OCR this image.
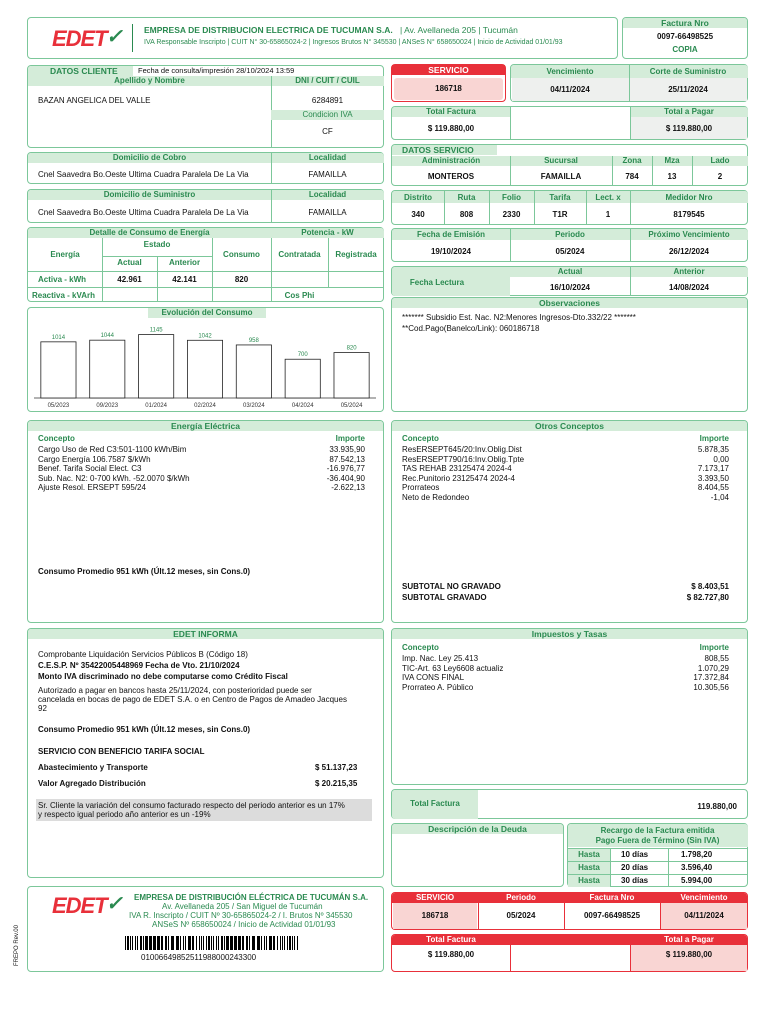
EDET ✓ EMPRESA DE DISTRIBUCION ELECTRICA DE TUCUMAN S.A. | Av. Avellaneda 205 | Tucumán
IVA Responsable Inscripto | CUIT N° 30-65865024-2 | Ingresos Brutos N° 345530 | ANSeS N° 658650024 | Inicio de Actividad 01/01/93
Factura Nro
0097-66498525
COPIA
DATOS CLIENTE	Fecha de consulta/impresión 28/10/2024 13:59
Apellido y Nombre	DNI / CUIT / CUIL
BAZAN ANGELICA DEL VALLE	6284891
Condicion IVA
CF
Domicilio de Cobro	Localidad
Cnel Saavedra Bo.Oeste Ultima Cuadra Paralela De La Via	FAMAILLA
Domicilio de Suministro	Localidad
Cnel Saavedra Bo.Oeste Ultima Cuadra Paralela De La Via	FAMAILLA
Detalle de Consumo de Energía	Potencia - kW
Energía
Estado
Actual	Anterior
Consumo	Contratada	Registrada
Activa - kWh	42.961	42.141	820
Reactiva - kVArh	Cos Phi
Evolución del Consumo
1014
05/2023
1044
09/2023
1145
01/2024
1042
02/2024
958
03/2024
700
04/2024
820
05/2024
SERVICIO
186718
Vencimiento	Corte de Suministro
04/11/2024	25/11/2024
Total Factura	Total a Pagar
$ 119.880,00	$ 119.880,00
DATOS SERVICIO
Administración	Sucursal	Zona	Mza	Lado
MONTEROS	FAMAILLA	784	13	2
Distrito	Ruta	Folio	Tarifa	Lect. x	Medidor Nro
340	808	2330	T1R	1	8179545
Fecha de Emisión	Periodo	Próximo Vencimiento
19/10/2024	05/2024	26/12/2024
Fecha Lectura
Actual	Anterior
16/10/2024	14/08/2024
Observaciones
******* Subsidio Est. Nac. N2:Menores Ingresos-Dto.332/22 *******
**Cod.Pago(Banelco/Link): 060186718
Energía Eléctrica
Concepto	Importe
Cargo Uso de Red C3:501-1100 kWh/Bim	33.935,90
Cargo Energía 106.7587 $/kWh	87.542,13
Benef. Tarifa Social Elect. C3	-16.976,77
Sub. Nac. N2: 0-700 kWh. -52.0070 $/kWh	-36.404,90
Ajuste Resol. ERSEPT 595/24	-2.622,13
Consumo Promedio 951 kWh (Últ.12 meses, sin Cons.0)
Otros Conceptos
Concepto	Importe
ResERSEPT645/20:Inv.Oblig.Dist	5.878,35
ResERSEPT790/16:Inv.Oblig.Tpte	0,00
TAS REHAB 23125474 2024-4	7.173,17
Rec.Punitorio 23125474 2024-4	3.393,50
Prorrateos	8.404,55
Neto de Redondeo	-1,04
SUBTOTAL NO GRAVADO	$ 8.403,51
SUBTOTAL GRAVADO	$ 82.727,80
EDET INFORMA
Comprobante Liquidación Servicios Públicos B (Código 18)
C.E.S.P. Nº 35422005448969 Fecha de Vto. 21/10/2024
Monto IVA discriminado no debe computarse como Crédito Fiscal
Autorizado a pagar en bancos hasta 25/11/2024, con posterioridad puede ser
cancelada en bocas de pago de EDET S.A. o en Centro de Pagos de Amadeo Jacques
92
Consumo Promedio 951 kWh (Últ.12 meses, sin Cons.0)
SERVICIO CON BENEFICIO TARIFA SOCIAL
Abastecimiento y Transporte	$ 51.137,23
Valor Agregado Distribución	$ 20.215,35
Sr. Cliente la variación del consumo facturado respecto del periodo anterior es un 17%
y respecto igual periodo año anterior es un -19%
Impuestos y Tasas
Concepto	Importe
Imp. Nac. Ley 25.413	808,55
TIC-Art. 63 Ley6608 actualiz	1.070,29
IVA CONS FINAL	17.372,84
Prorrateo A. Público	10.305,56
Total Factura	119.880,00
Descripción de la Deuda	Recargo de la Factura emitida
Pago Fuera de Término (Sin IVA)
Hasta	10 días	1.798,20
Hasta	20 días	3.596,40
Hasta	30 días	5.994,00
EDET ✓ EMPRESA DE DISTRIBUCIÓN ELÉCTRICA DE TUCUMÁN S.A.
Av. Avellaneda 205 / San Miguel de Tucumán
IVA R. Inscripto / CUIT Nº 30-65865024-2 / I. Brutos Nº 345530
ANSeS Nº 658650024 / Inicio de Actividad 01/01/93
01006649852511988000243300
FREPO Rev.00
SERVICIO	Periodo	Factura Nro	Vencimiento
186718	05/2024	0097-66498525	04/11/2024
Total Factura	Total a Pagar
$ 119.880,00	$ 119.880,00
